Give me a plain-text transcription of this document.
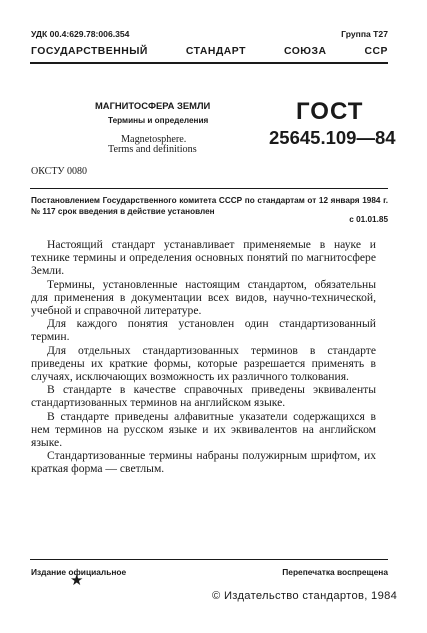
УДК 00.4:629.78:006.354	Группа Т27
ГОСУДАРСТВЕННЫЙ	СТАНДАРТ	СОЮЗА	ССР
МАГНИТОСФЕРА ЗЕМЛИ
Термины и определения
Magnetosphere.
Terms and definitions
ГОСТ
25645.109—84
ОКСТУ 0080
Постановлением Государственного комитета СССР по стандартам от 12 января 1984 г. № 117 срок введения в действие установлен
с 01.01.85

Настоящий стандарт устанавливает применяемые в науке и технике термины и определения основных понятий по магнитосфере Земли.

Термины, установленные настоящим стандартом, обязательны для применения в документации всех видов, научно-технической, учебной и справочной литературе.

Для каждого понятия установлен один стандартизованный термин.

Для отдельных стандартизованных терминов в стандарте приведены их краткие формы, которые разрешается применять в случаях, исключающих возможность их различного толкования.

В стандарте в качестве справочных приведены эквиваленты стандартизованных терминов на английском языке.

В стандарте приведены алфавитные указатели содержащихся в нем терминов на русском языке и их эквивалентов на английском языке.

Стандартизованные термины набраны полужирным шрифтом, их краткая форма — светлым.

Издание официальное	Перепечатка воспрещена
★
© Издательство стандартов, 1984
